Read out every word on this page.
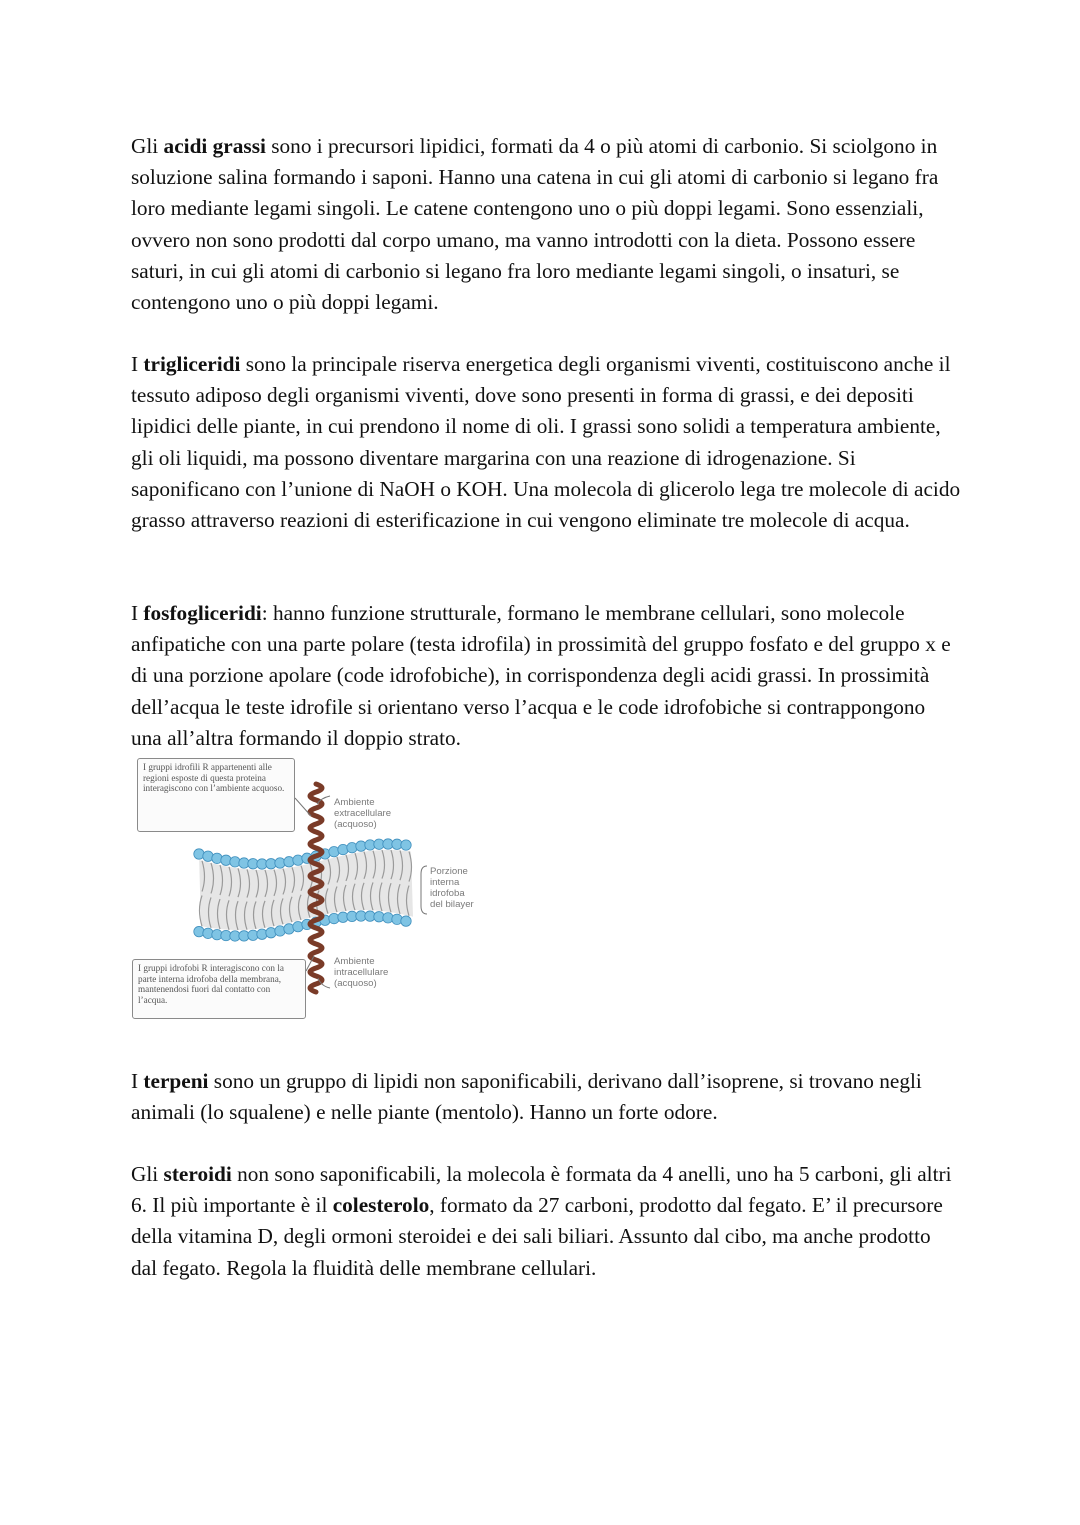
Gli acidi grassi sono i precursori lipidici, formati da 4 o più atomi di carbonio. Si sciolgono in soluzione salina formando i saponi. Hanno una catena in cui gli atomi di carbonio si legano fra loro mediante legami singoli. Le catene contengono uno o più doppi legami. Sono essenziali, ovvero non sono prodotti dal corpo umano, ma vanno introdotti con la dieta. Possono essere saturi, in cui gli atomi di carbonio si legano fra loro mediante legami singoli, o insaturi, se contengono uno o più doppi legami.

I trigliceridi sono la principale riserva energetica degli organismi viventi, costituiscono anche il tessuto adiposo degli organismi viventi, dove sono presenti in forma di grassi, e dei depositi lipidici delle piante, in cui prendono il nome di oli. I grassi sono solidi a temperatura ambiente, gli oli liquidi, ma possono diventare margarina con una reazione di idrogenazione. Si saponificano con l’unione di NaOH o KOH. Una molecola di glicerolo lega tre molecole di acido grasso attraverso reazioni di esterificazione in cui vengono eliminate tre molecole di acqua.

I fosfogliceridi: hanno funzione strutturale, formano le membrane cellulari, sono molecole anfipatiche con una parte polare (testa idrofila) in prossimità del gruppo fosfato e del gruppo x e di una porzione apolare (code idrofobiche), in corrispondenza degli acidi grassi. In prossimità dell’acqua le teste idrofile si orientano verso l’acqua e le code idrofobiche si contrappongono una all’altra formando il doppio strato.

I gruppi idrofili R appartenenti alle regioni esposte di questa proteina interagiscono con l’ambiente acquoso.
I gruppi idrofobi R interagiscono con la parte interna idrofoba della membrana, mantenendosi fuori dal contatto con l’acqua.
Ambiente
extracellulare
(acquoso)
Porzione
interna
idrofoba
del bilayer
Ambiente
intracellulare
(acquoso)

I terpeni sono un gruppo di lipidi non saponificabili, derivano dall’isoprene, si trovano negli animali (lo squalene) e nelle piante (mentolo). Hanno un forte odore.

Gli steroidi non sono saponificabili, la molecola è formata da 4 anelli, uno ha 5 carboni, gli altri 6. Il più importante è il colesterolo, formato da 27 carboni, prodotto dal fegato. E’ il precursore della vitamina D, degli ormoni steroidei e dei sali biliari. Assunto dal cibo, ma anche prodotto dal fegato. Regola la fluidità delle membrane cellulari.
